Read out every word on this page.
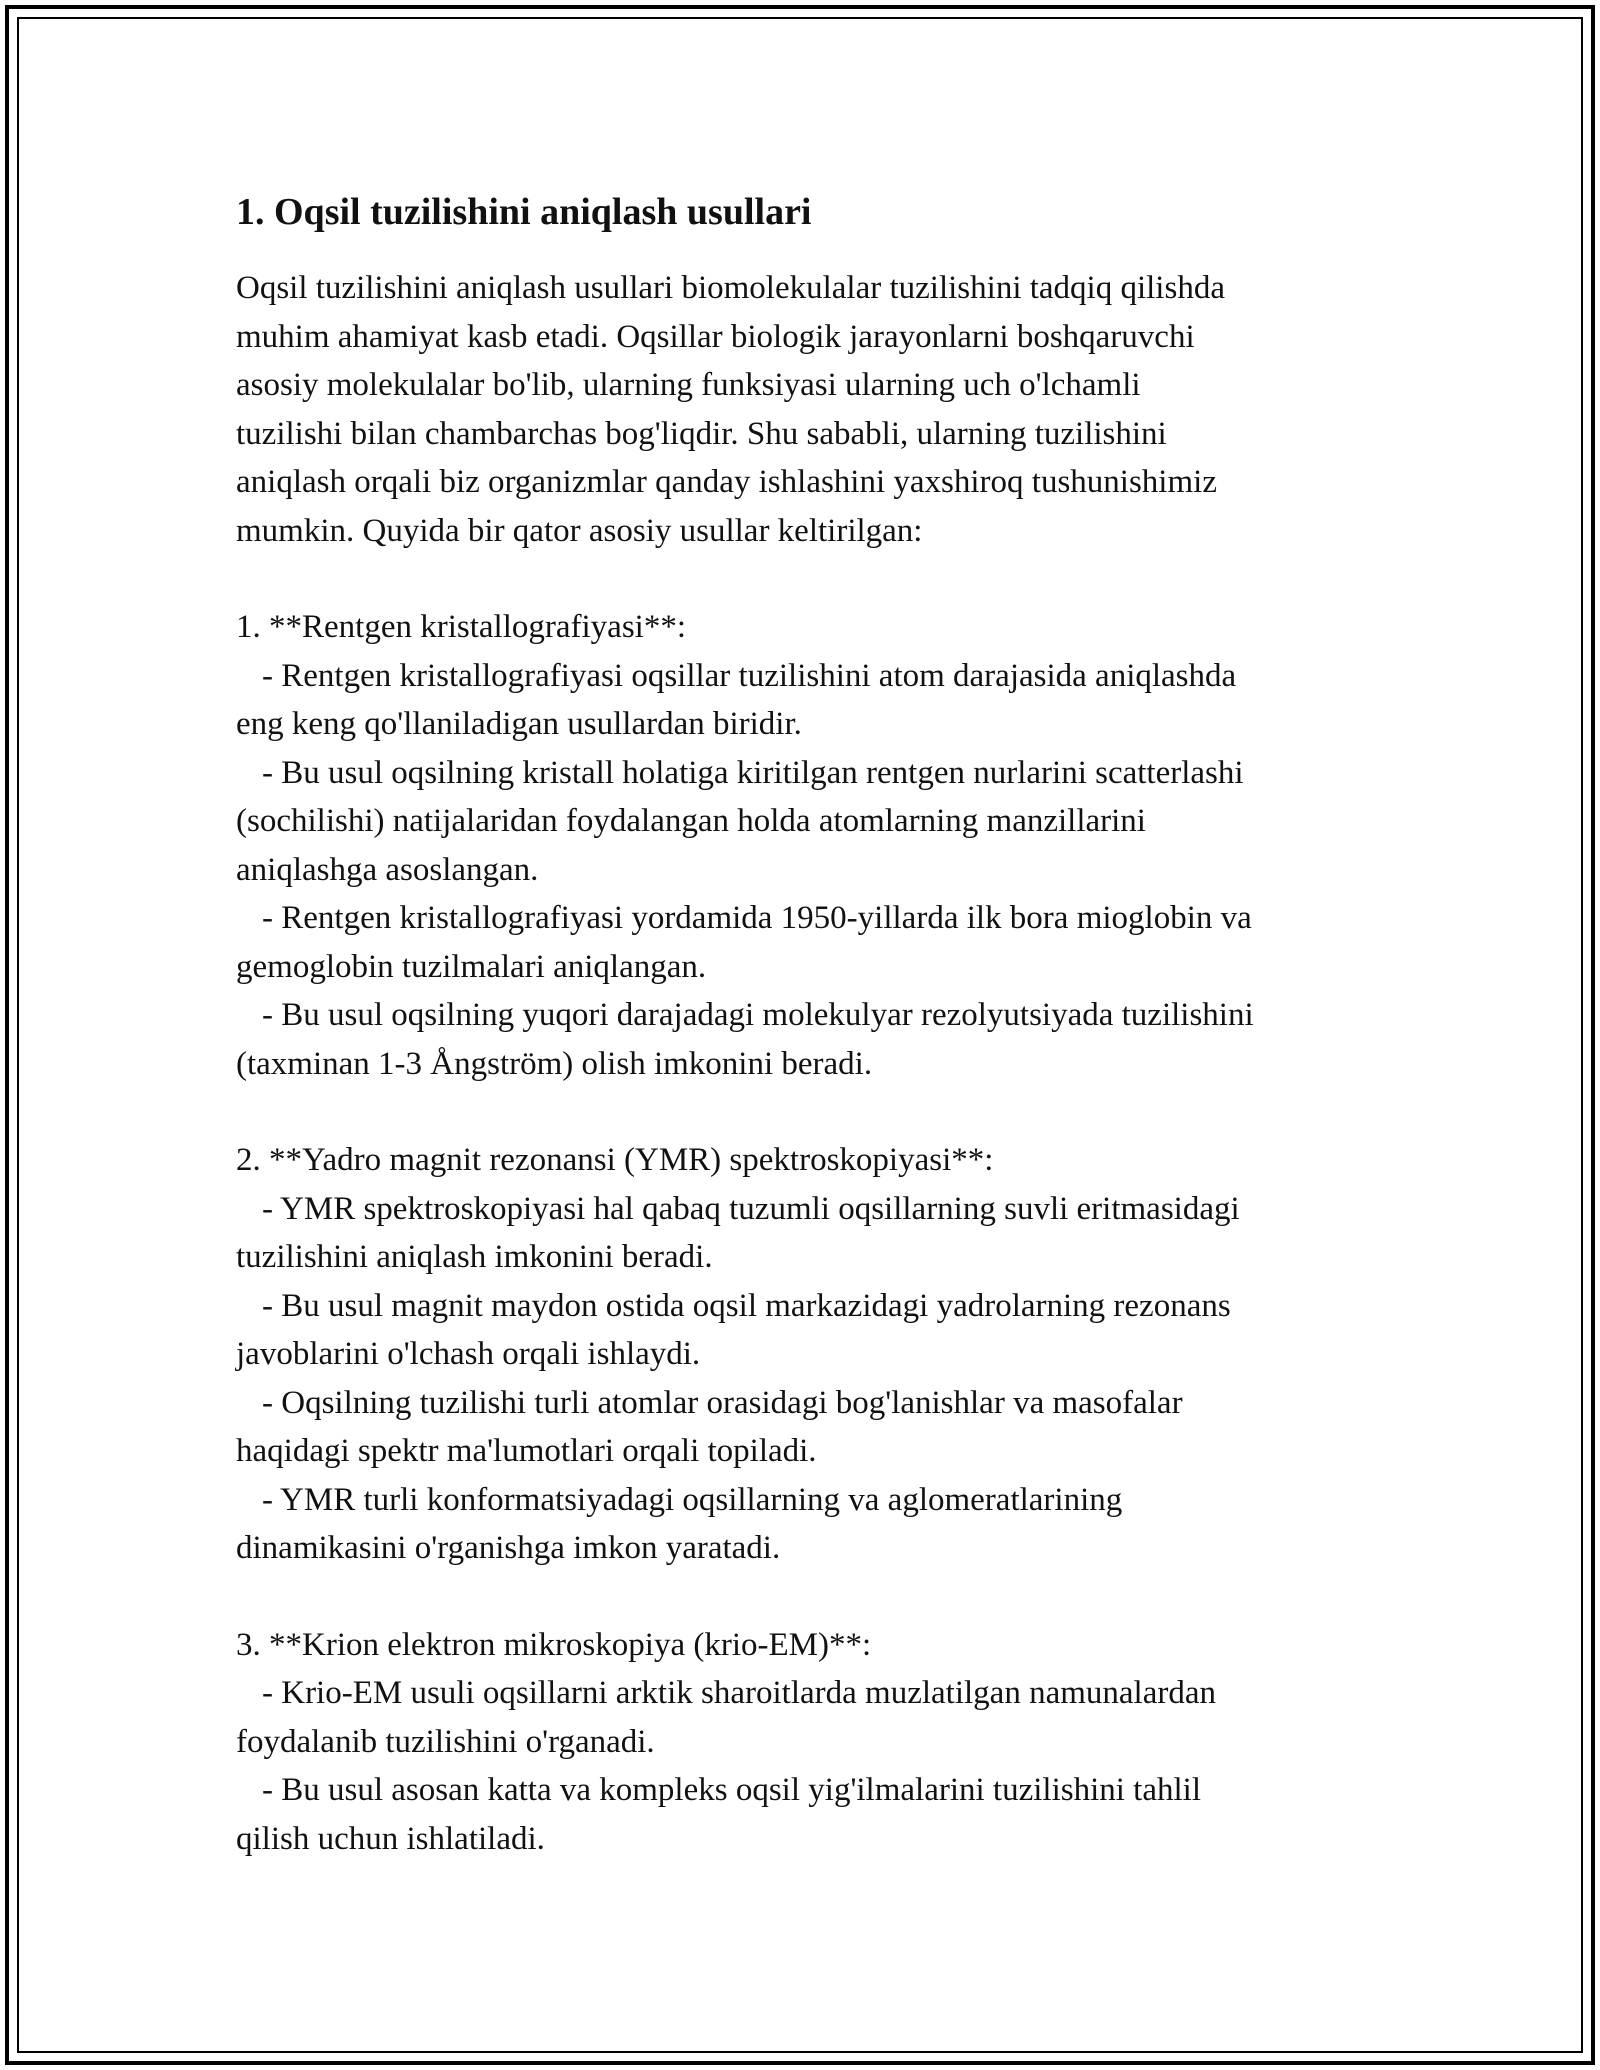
1. Oqsil tuzilishini aniqlash usullari

Oqsil tuzilishini aniqlash usullari biomolekulalar tuzilishini tadqiq qilishda
muhim ahamiyat kasb etadi. Oqsillar biologik jarayonlarni boshqaruvchi
asosiy molekulalar bo'lib, ularning funksiyasi ularning uch o'lchamli
tuzilishi bilan chambarchas bog'liqdir. Shu sababli, ularning tuzilishini
aniqlash orqali biz organizmlar qanday ishlashini yaxshiroq tushunishimiz
mumkin. Quyida bir qator asosiy usullar keltirilgan:

1. **Rentgen kristallografiyasi**:
- Rentgen kristallografiyasi oqsillar tuzilishini atom darajasida aniqlashda
eng keng qo'llaniladigan usullardan biridir.
- Bu usul oqsilning kristall holatiga kiritilgan rentgen nurlarini scatterlashi
(sochilishi) natijalaridan foydalangan holda atomlarning manzillarini
aniqlashga asoslangan.
- Rentgen kristallografiyasi yordamida 1950-yillarda ilk bora mioglobin va
gemoglobin tuzilmalari aniqlangan.
- Bu usul oqsilning yuqori darajadagi molekulyar rezolyutsiyada tuzilishini
(taxminan 1-3 Ångström) olish imkonini beradi.
2. **Yadro magnit rezonansi (YMR) spektroskopiyasi**:
- YMR spektroskopiyasi hal qabaq tuzumli oqsillarning suvli eritmasidagi
tuzilishini aniqlash imkonini beradi.
- Bu usul magnit maydon ostida oqsil markazidagi yadrolarning rezonans
javoblarini o'lchash orqali ishlaydi.
- Oqsilning tuzilishi turli atomlar orasidagi bog'lanishlar va masofalar
haqidagi spektr ma'lumotlari orqali topiladi.
- YMR turli konformatsiyadagi oqsillarning va aglomeratlarining
dinamikasini o'rganishga imkon yaratadi.
3. **Krion elektron mikroskopiya (krio-EM)**:
- Krio-EM usuli oqsillarni arktik sharoitlarda muzlatilgan namunalardan
foydalanib tuzilishini o'rganadi.
- Bu usul asosan katta va kompleks oqsil yig'ilmalarini tuzilishini tahlil
qilish uchun ishlatiladi.
